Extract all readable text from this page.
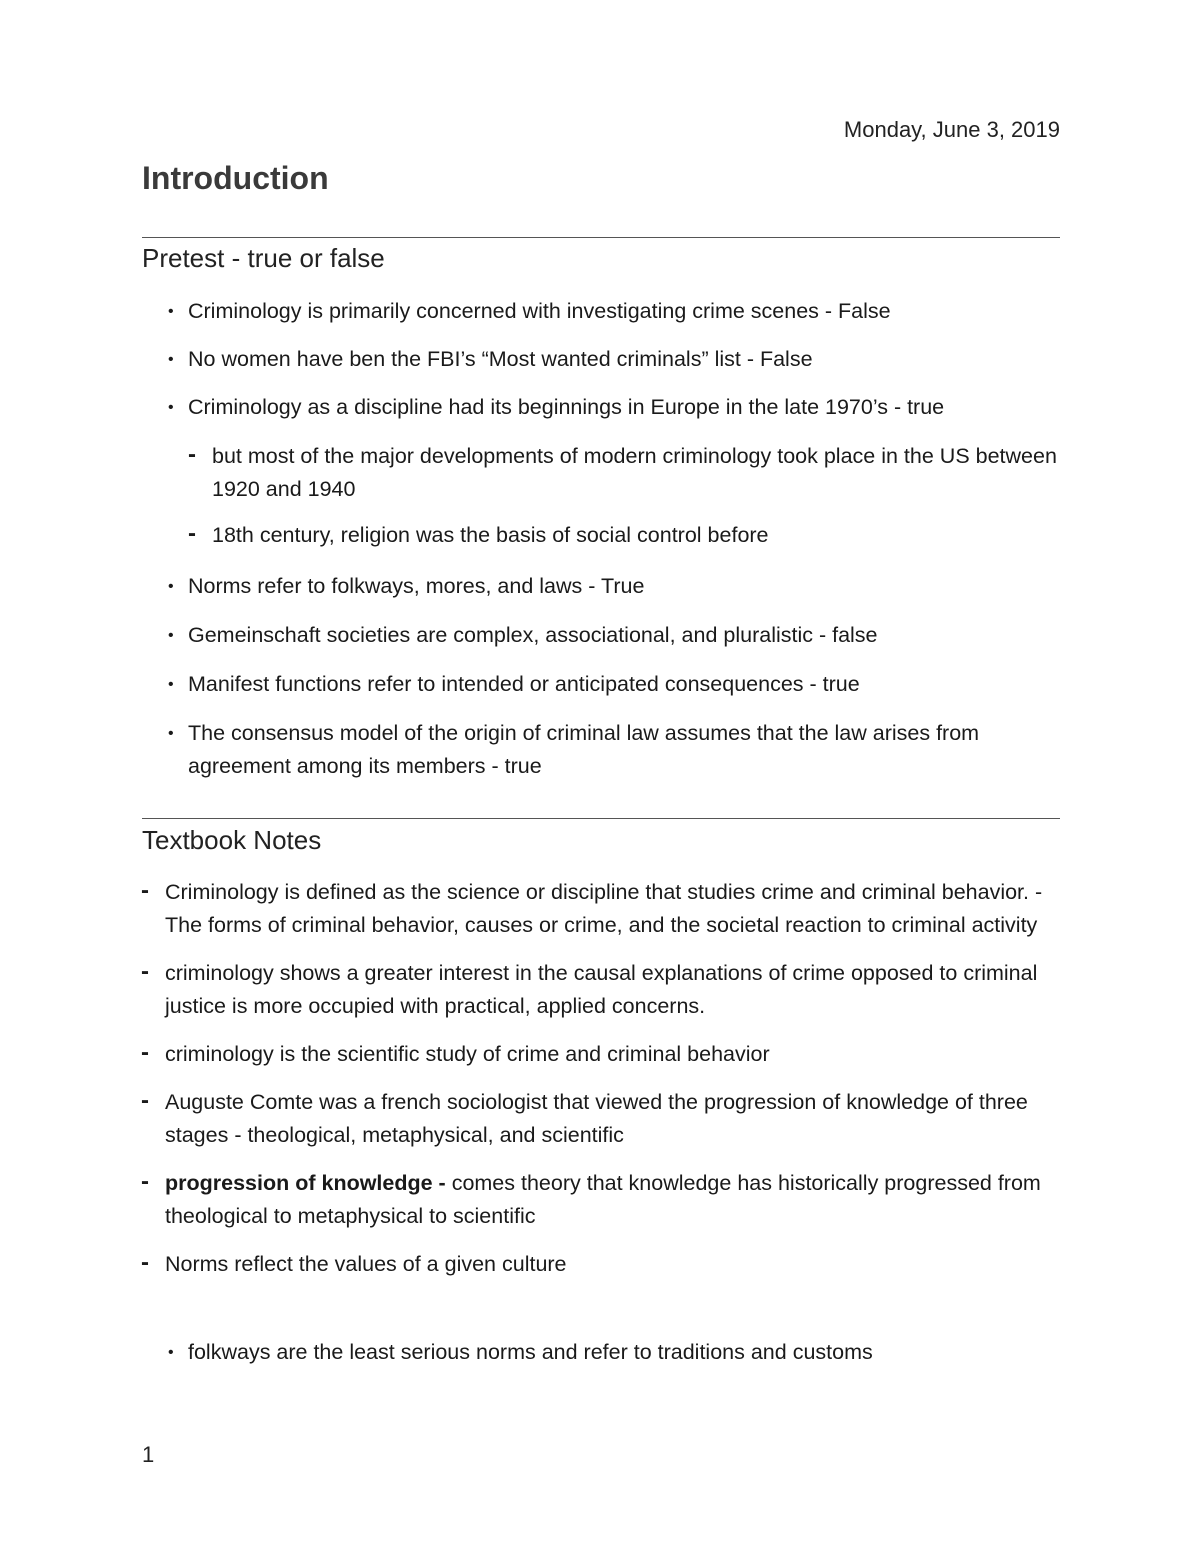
Monday, June 3, 2019
Introduction
Pretest - true or false
• Criminology is primarily concerned with investigating crime scenes - False
• No women have ben the FBI’s “Most wanted criminals” list - False
• Criminology as a discipline had its beginnings in Europe in the late 1970’s - true
- but most of the major developments of modern criminology took place in the US between 1920 and 1940
- 18th century, religion was the basis of social control before
• Norms refer to folkways, mores, and laws - True
• Gemeinschaft societies are complex, associational, and pluralistic - false
• Manifest functions refer to intended or anticipated consequences - true
• The consensus model of the origin of criminal law assumes that the law arises from agreement among its members - true
Textbook Notes
- Criminology is defined as the science or discipline that studies crime and criminal behavior. - The forms of criminal behavior, causes or crime, and the societal reaction to criminal activity
- criminology shows a greater interest in the causal explanations of crime opposed to criminal justice is more occupied with practical, applied concerns.
- criminology is the scientific study of crime and criminal behavior
- Auguste Comte was a french sociologist that viewed the progression of knowledge of three stages - theological, metaphysical, and scientific
- progression of knowledge - comes theory that knowledge has historically progressed from theological to metaphysical to scientific
- Norms reflect the values of a given culture
• folkways are the least serious norms and refer to traditions and customs
1
